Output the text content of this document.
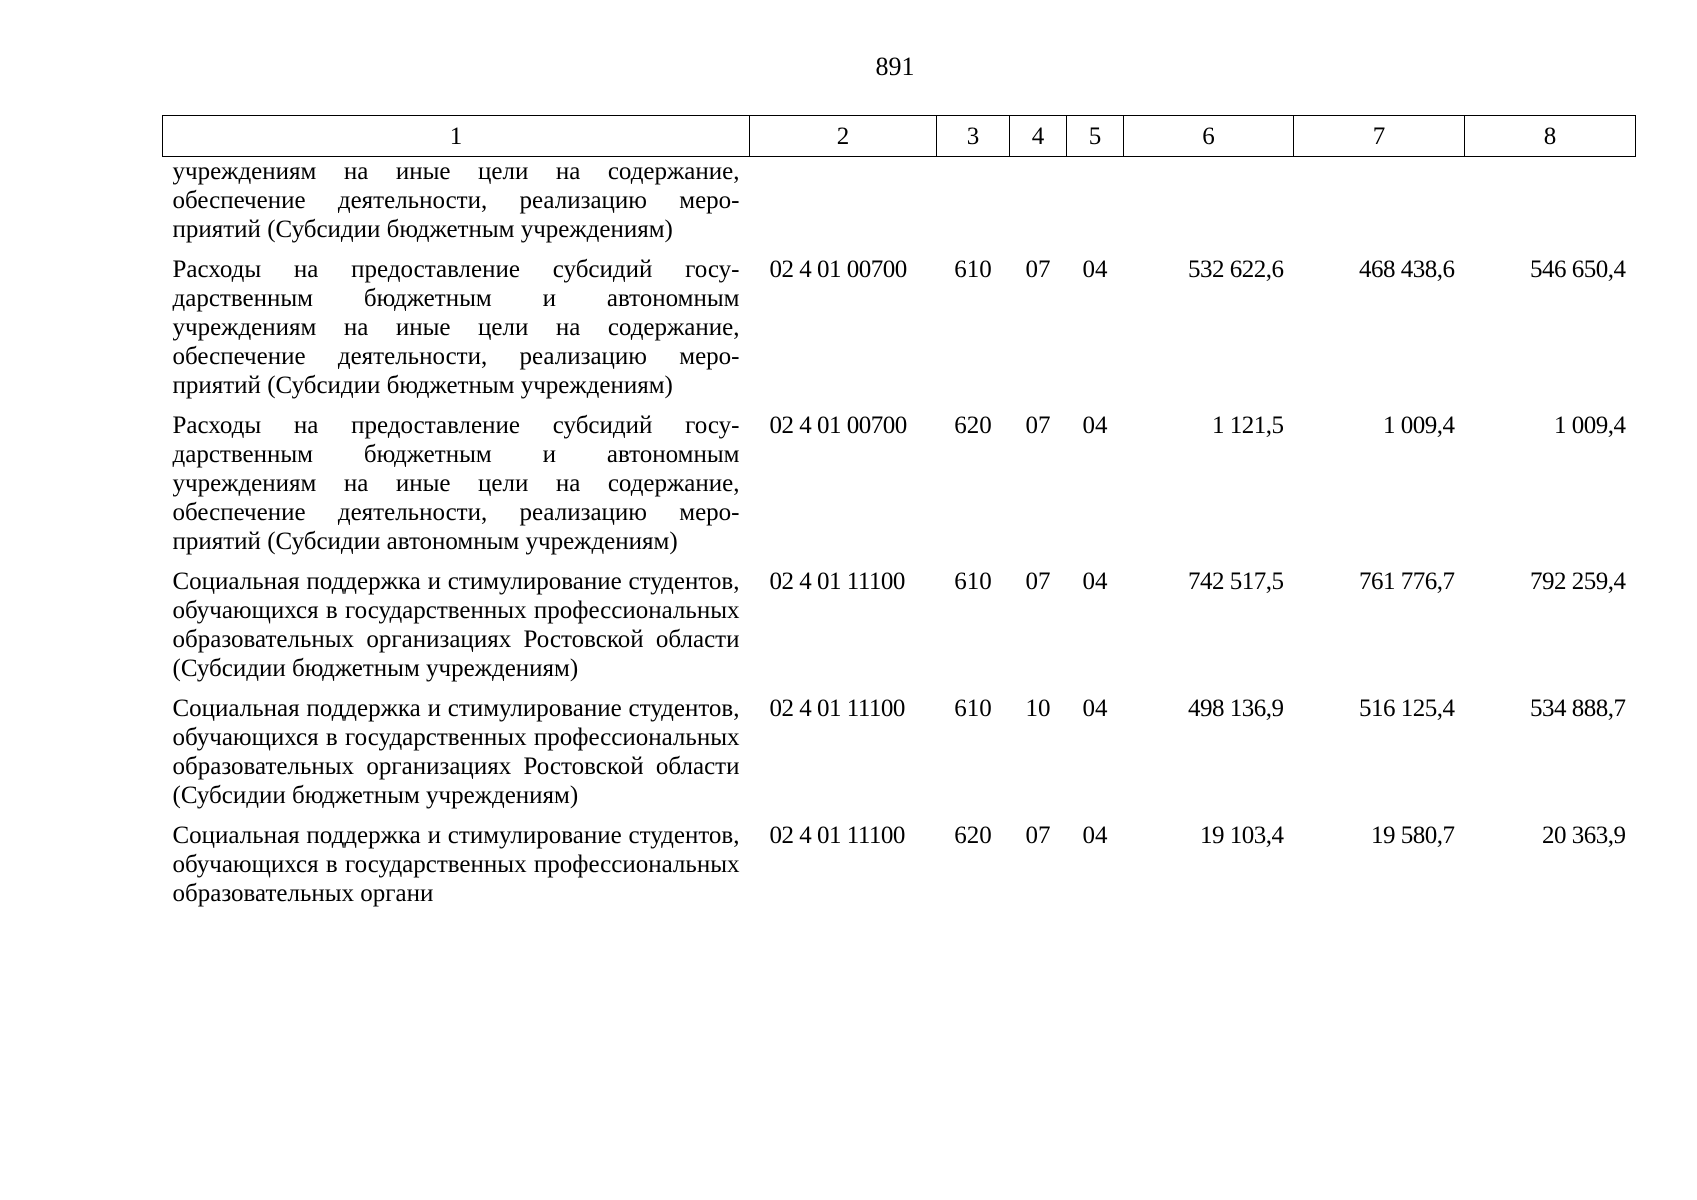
891
1	2	3	4	5	6	7	8
учреждениям на иные цели на содержание, обеспечение деятельности, реализацию мероприятий (Субсидии бюджетным учреждениям)							
Расходы на предоставление субсидий государственным бюджетным и автономным учреждениям на иные цели на содержание, обеспечение деятельности, реализацию мероприятий (Субсидии бюджетным учреждениям)	02 4 01 00700	610	07	04	532 622,6	468 438,6	546 650,4
Расходы на предоставление субсидий государственным бюджетным и автономным учреждениям на иные цели на содержание, обеспечение деятельности, реализацию мероприятий (Субсидии автономным учреждениям)	02 4 01 00700	620	07	04	1 121,5	1 009,4	1 009,4
Социальная поддержка и стимулирование студентов, обучающихся в государственных профессиональных образовательных организациях Ростовской области (Субсидии бюджетным учреждениям)	02 4 01 11100	610	07	04	742 517,5	761 776,7	792 259,4
Социальная поддержка и стимулирование студентов, обучающихся в государственных профессиональных образовательных организациях Ростовской области (Субсидии бюджетным учреждениям)	02 4 01 11100	610	10	04	498 136,9	516 125,4	534 888,7
Социальная поддержка и стимулирование студентов, обучающихся в государственных профессиональных образовательных органи	02 4 01 11100	620	07	04	19 103,4	19 580,7	20 363,9
